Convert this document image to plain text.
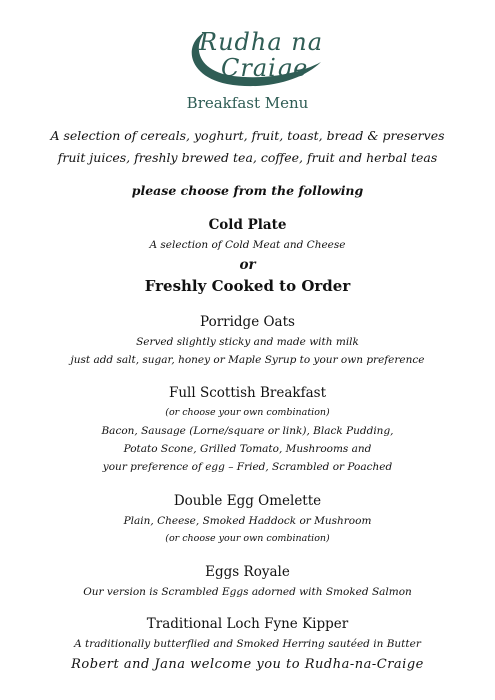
Rudha na
Craige
Breakfast Menu
A selection of cereals, yoghurt, fruit, toast, bread & preserves
fruit juices, freshly brewed tea, coffee, fruit and herbal teas
please choose from the following
Cold Plate
A selection of Cold Meat and Cheese
or
Freshly Cooked to Order
Porridge Oats
Served slightly sticky and made with milk
just add salt, sugar, honey or Maple Syrup to your own preference
Full Scottish Breakfast
(or choose your own combination)
Bacon, Sausage (Lorne/square or link), Black Pudding,
Potato Scone, Grilled Tomato, Mushrooms and
your preference of egg – Fried, Scrambled or Poached
Double Egg Omelette
Plain, Cheese, Smoked Haddock or Mushroom
(or choose your own combination)
Eggs Royale
Our version is Scrambled Eggs adorned with Smoked Salmon
Traditional Loch Fyne Kipper
A traditionally butterflied and Smoked Herring sautéed in Butter
Robert and Jana welcome you to Rudha-na-Craige
